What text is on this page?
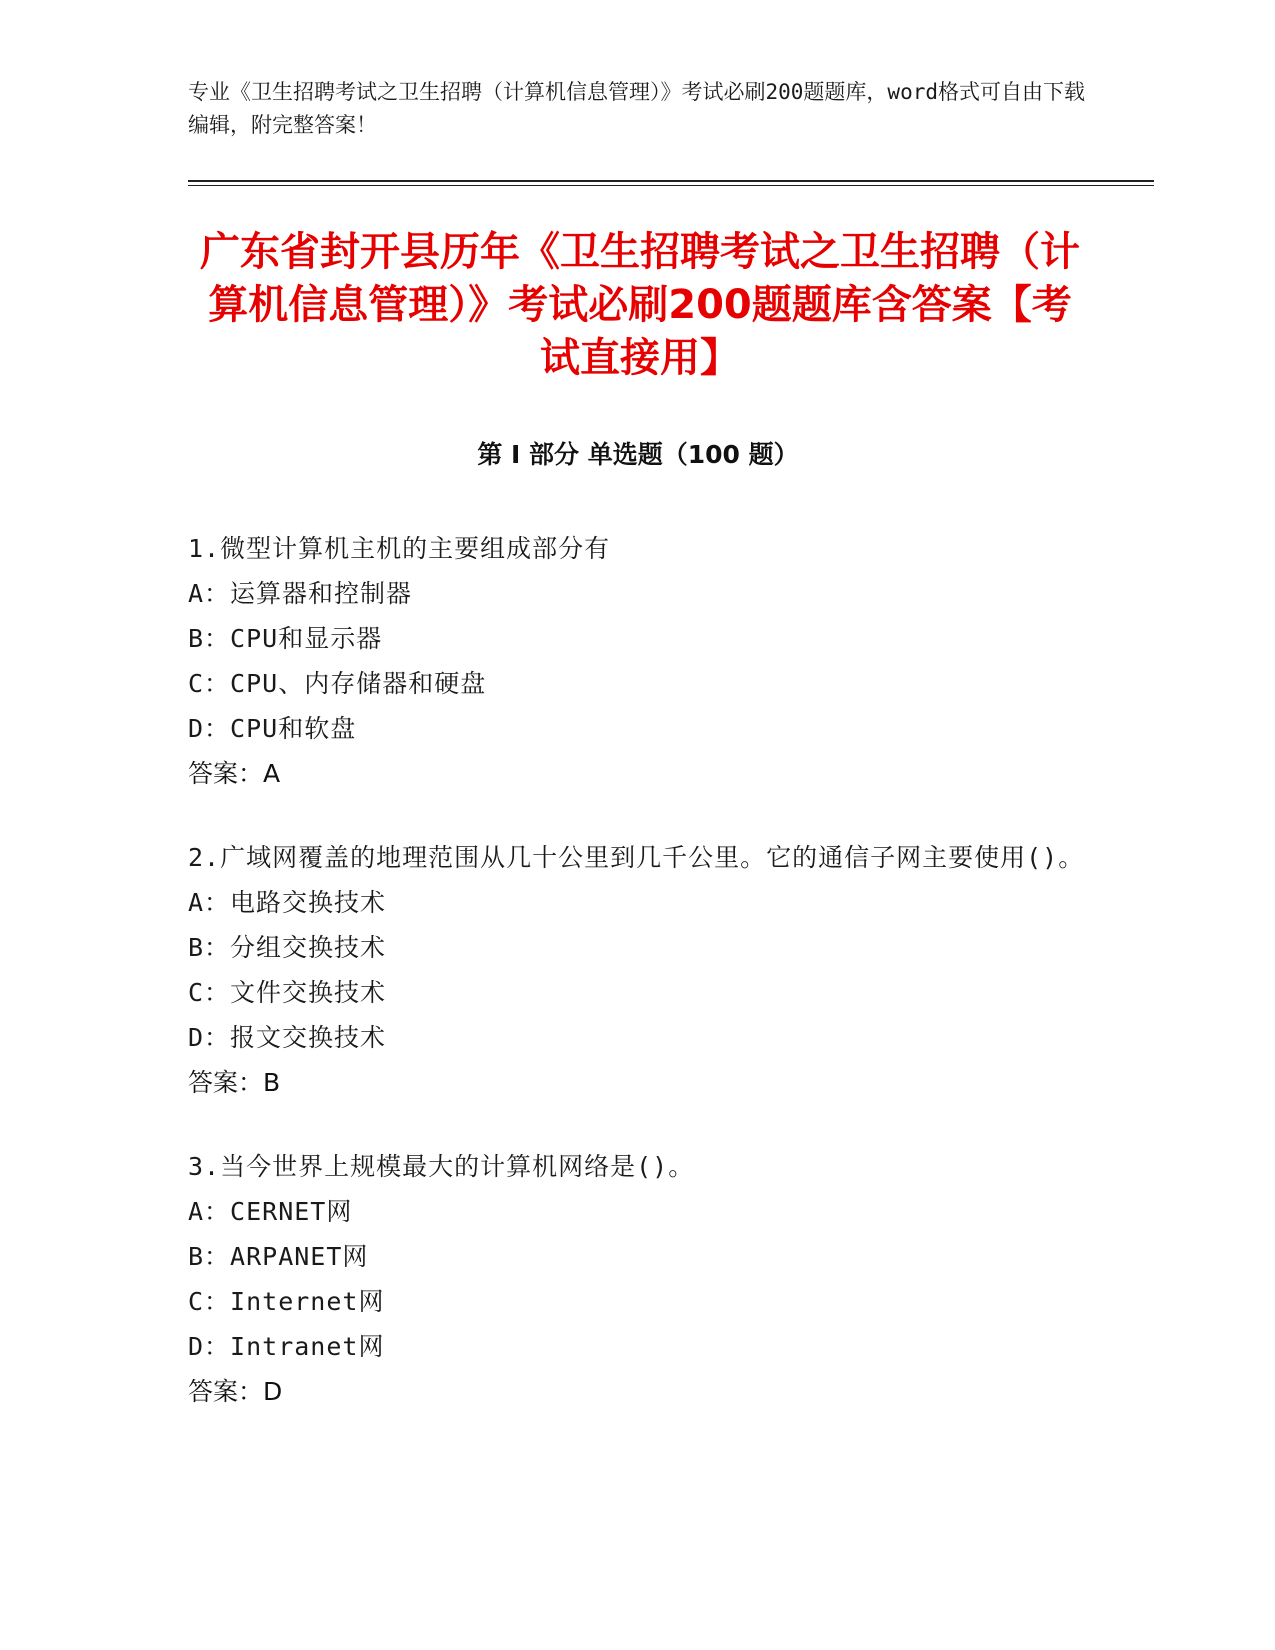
专业《卫生招聘考试之卫生招聘（计算机信息管理）》考试必刷200题题库，word格式可自由下载编辑，附完整答案！

广东省封开县历年《卫生招聘考试之卫生招聘（计算机信息管理）》考试必刷200题题库含答案【考试直接用】
第 I 部分 单选题（100 题）

1.微型计算机主机的主要组成部分有

A：运算器和控制器

B：CPU和显示器

C：CPU、内存储器和硬盘

D：CPU和软盘

答案：A

2.广域网覆盖的地理范围从几十公里到几千公里。它的通信子网主要使用()。

A：电路交换技术

B：分组交换技术

C：文件交换技术

D：报文交换技术

答案：B

3.当今世界上规模最大的计算机网络是()。

A：CERNET网

B：ARPANET网

C：Internet网

D：Intranet网

答案：D
